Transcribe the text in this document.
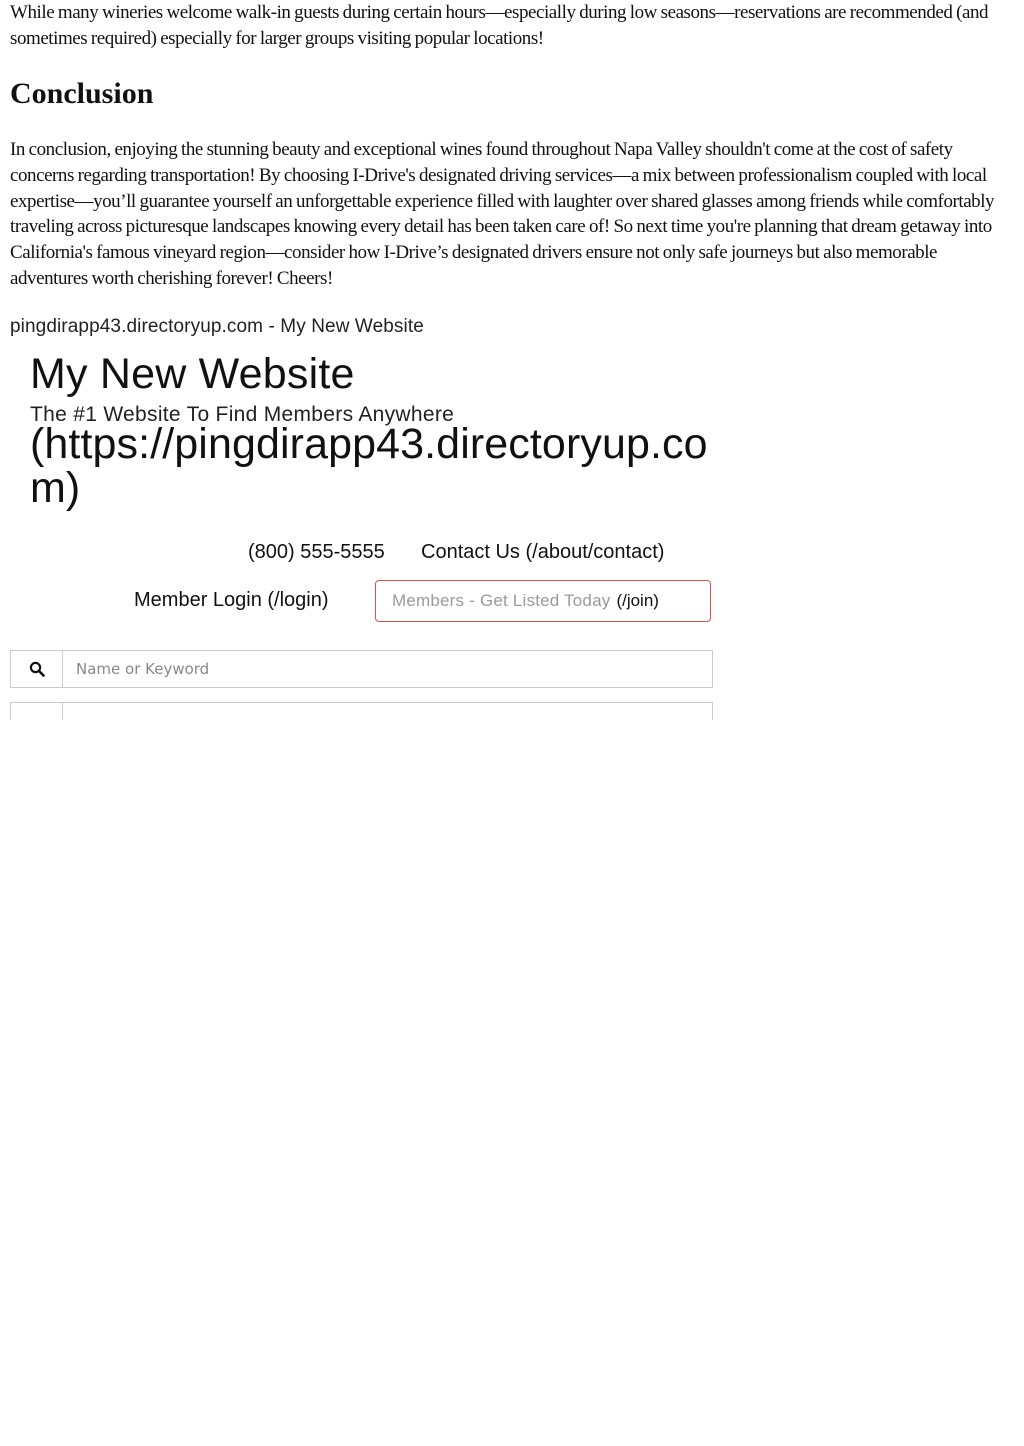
While many wineries welcome walk-in guests during certain hours—especially during low seasons—reservations are recommended (and sometimes required) especially for larger groups visiting popular locations!

Conclusion

In conclusion, enjoying the stunning beauty and exceptional wines found throughout Napa Valley shouldn't come at the cost of safety concerns regarding transportation! By choosing I-Drive's designated driving services—a mix between professionalism coupled with local expertise—you’ll guarantee yourself an unforgettable experience filled with laughter over shared glasses among friends while comfortably traveling across picturesque landscapes knowing every detail has been taken care of! So next time you're planning that dream getaway into California's famous vineyard region—consider how I-Drive’s designated drivers ensure not only safe journeys but also memorable adventures worth cherishing forever! Cheers!

pingdirapp43.directoryup.com - My New Website
My New Website
The #1 Website To Find Members Anywhere
(https://pingdirapp43.directoryup.com)
(800) 555-5555 Contact Us (/about/contact)
Member Login (/login)	Members - Get Listed Today (/join)
Name or Keyword
City or Post Code
